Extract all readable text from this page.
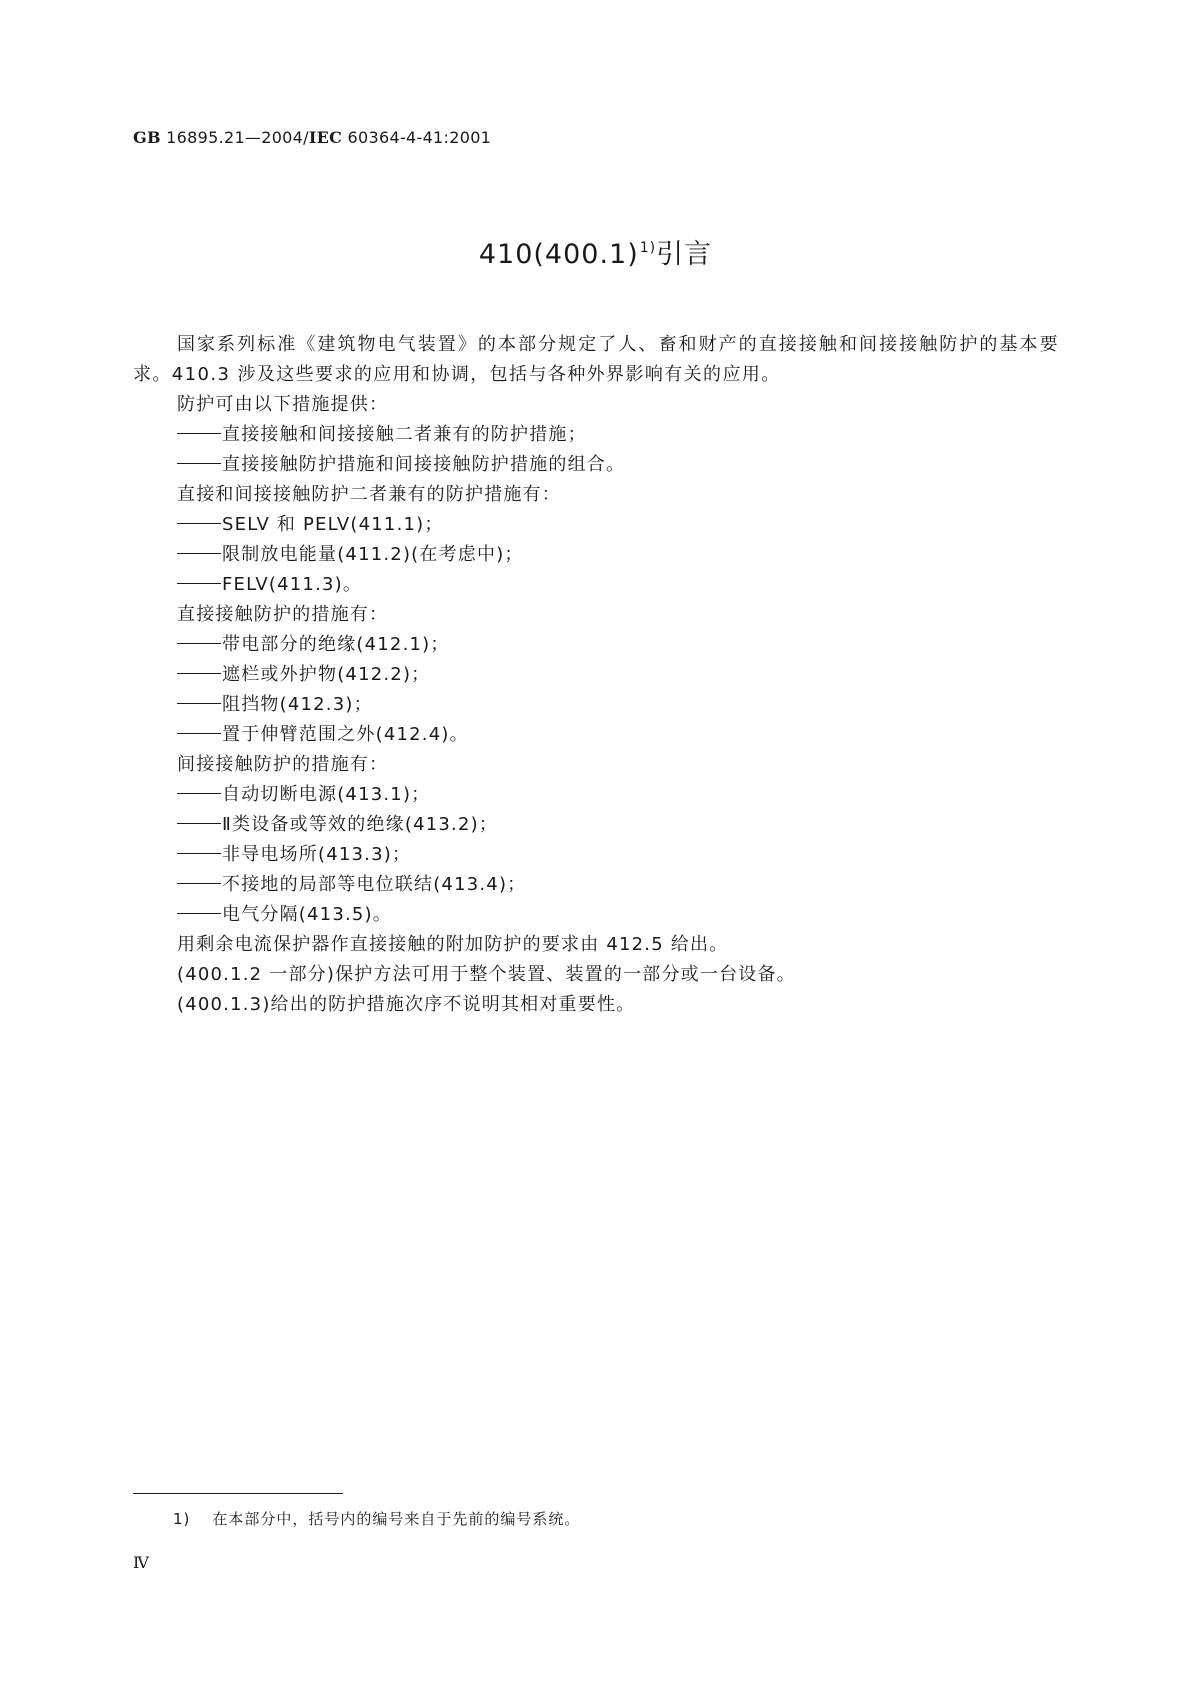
GB 16895.21—2004/IEC 60364-4-41:2001
$410(400.1)^{1)}$引言

国家系列标准《建筑物电气装置》的本部分规定了人、畜和财产的直接接触和间接接触防护的基本要求。410.3 涉及这些要求的应用和协调，包括与各种外界影响有关的应用。

防护可由以下措施提供：

直接接触和间接接触二者兼有的防护措施；

直接接触防护措施和间接接触防护措施的组合。

直接和间接接触防护二者兼有的防护措施有：

SELV 和 PELV(411.1)；

限制放电能量(411.2)(在考虑中)；

FELV(411.3)。

直接接触防护的措施有：

带电部分的绝缘(412.1)；

遮栏或外护物(412.2)；

阻挡物(412.3)；

置于伸臂范围之外(412.4)。

间接接触防护的措施有：

自动切断电源(413.1)；

Ⅱ类设备或等效的绝缘(413.2)；

非导电场所(413.3)；

不接地的局部等电位联结(413.4)；

电气分隔(413.5)。

用剩余电流保护器作直接接触的附加防护的要求由 412.5 给出。

(400.1.2 一部分)保护方法可用于整个装置、装置的一部分或一台设备。

(400.1.3)给出的防护措施次序不说明其相对重要性。

1) 在本部分中，括号内的编号来自于先前的编号系统。
Ⅳ
